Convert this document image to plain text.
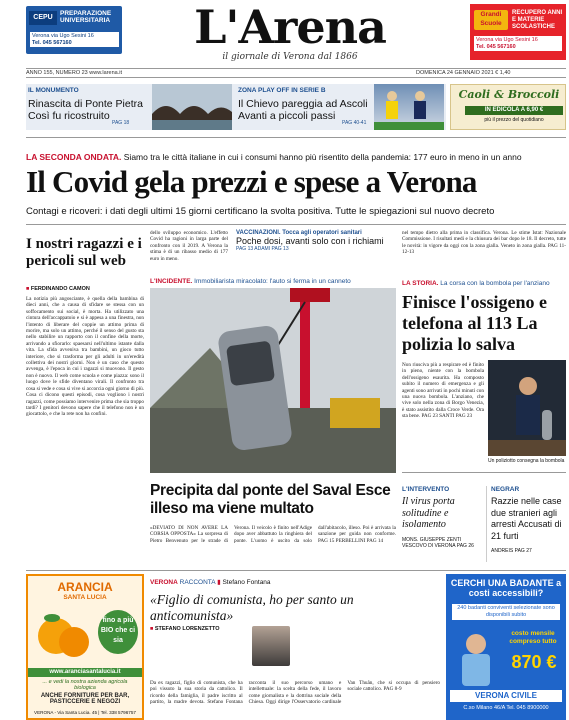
CEPU
PREPARAZIONE UNIVERSITARIA
Verona via Ugo Sesini 16
Tel. 045 567160	L'Arena
il giornale di Verona dal 1866
Grandi Scuole
RECUPERO ANNI E MATERIE SCOLASTICHE
Verona via Ugo Sesini 16
Tel. 045 567160
ANNO 155, NUMERO 23 www.larena.it	DOMENICA 24 GENNAIO 2021 € 1,40
IL MONUMENTO
Rinascita di Ponte Pietra Così fu ricostruito
PAG 18
ZONA PLAY OFF IN SERIE B
Il Chievo pareggia ad Ascoli Avanti a piccoli passi
PAG 40-41
Caoli & Broccoli
IN EDICOLA A 6,90 €
più il prezzo del quotidiano
LA SECONDA ONDATA. Siamo tra le città italiane in cui i consumi hanno più risentito della pandemia: 177 euro in meno in un anno
Il Covid gela prezzi e spese a Verona
Contagi e ricoveri: i dati degli ultimi 15 giorni certificano la svolta positiva. Tutte le spiegazioni sul nuovo decreto
I nostri ragazzi e i pericoli sul web
■ FERDINANDO CAMON
La notizia più angosciante, è quella della bambina di dieci anni, che a causa di sfidare se stessa con un soffocamento sui social, è morta. Ha utilizzato una cintura dell'accappatoio e si è appesa a una finestra, non l'intento di liberare del coppie un attimo prima di morire, ma solo un attimo, perché il senso del gusto sta nello stabilire un rapporto con il confine della morte, arrivando a sfiorarlo: spaesarsi nell'ultimo istante dalla vita. La sfida avveniva tra bambini, un gioco tutto interiore, che si trasforma per gli adulti in un'eredità collettiva dei nostri giorni. Non è un caso che questo avvenga, è l'epoca in cui i ragazzi si muovono. Il gesto non è nuovo. Il web come scuola e come piazza: sono il luogo dove le sfide diventano virali. Il confronto tra cosa si vede e cosa si vive si accorcia ogni giorno di più. Cosa ci dicono questi episodi, cosa vogliono i nostri ragazzi, come possiamo intervenire prima che sia troppo tardi? I genitori devono sapere che il telefono non è un giocattolo, e che la rete non ha confini.
dello sviluppo economico. L'effetto Covid ha ragioni in larga parte del confronto con il 2019. A Verona la stima è di un ribasso medio di 177 euro in meno.
VACCINAZIONI. Tocca agli operatori sanitari
Poche dosi, avanti solo con i richiami
PAG 13 ADAMI PAG 13
nel tempo dietro alla prima in classifica. Verona. Le stime Istat: Nazionale Commissione. I risultati medi e la chiusura dei bar dopo le 18. Il decreto, tutte le novità: in vigore da oggi con la zona gialla. Veneto in zona gialla. PAG 11-12-13
L'INCIDENTE. Immobiliarista miracolato: l'auto si ferma in un canneto
Precipita dal ponte del Saval Esce illeso ma viene multato
«DEVIATO DI NON AVERE LA CORSIA OPPOSTA» La sorpresa di Pietro Benvenuto per le strade di Verona. Il veicolo è finito nell'Adige dopo aver abbattuto la ringhiera del ponte. L'uomo è uscito da solo dall'abitacolo, illeso. Poi è arrivata la sanzione per guida non conforme. PAG 15 PERBELLINI PAG 14
LA STORIA. La corsa con la bombola per l'anziano
Finisce l'ossigeno e telefona al 113 La polizia lo salva
Non riusciva più a respirare ed è finito in pieno, niente con la bombola dell'ossigeno esaurita. Ha composto subito il numero di emergenza e gli agenti sono arrivati in pochi minuti con una nuova bombola. L'anziano, che vive solo nella zona di Borgo Venezia, è stato assistito dalla Croce Verde. Ora sta bene. PAG 23 SANTI PAG 23
Un poliziotto consegna la bombola
L'INTERVENTO
Il virus porta solitudine e isolamento
MONS. GIUSEPPE ZENTI VESCOVO DI VERONA PAG 26
NEGRAR
Razzie nelle case due stranieri agli arresti Accusati di 21 furti
ANDREIS PAG 27
ARANCIA
SANTA LUCIA
fino a più BIO che ci sia
www.aranciasantalucia.it
... e vedi la nostra azienda agricola biologica
ANCHE FORNITURE PER BAR, PASTICCERIE E NEGOZI
VERONA - Via Santa Lucia. 45 | Tel. 338 5796757
VERONA RACCONTA ▮ Stefano Fontana
«Figlio di comunista, ho per santo un anticomunista»
■ STEFANO LORENZETTO
Da ex ragazzi, figlio di comunista, che ha poi vissuto la sua storia da cattolico. Il ricordo della famiglia, il padre iscritto al partito, la madre devota. Stefano Fontana racconta il suo percorso umano e intellettuale: la scelta della fede, il lavoro come giornalista e la dottrina sociale della Chiesa. Oggi dirige l'Osservatorio cardinale Van Thuân, che si occupa di pensiero sociale cattolico. PAG 8-9
CERCHI UNA BADANTE a costi accessibili?
240 badanti conviventi selezionate sono disponibili subito
costo mensile compreso tutto
870 €
VERONA CIVILE
C.so Milano 46/A Tel. 045 8900000
